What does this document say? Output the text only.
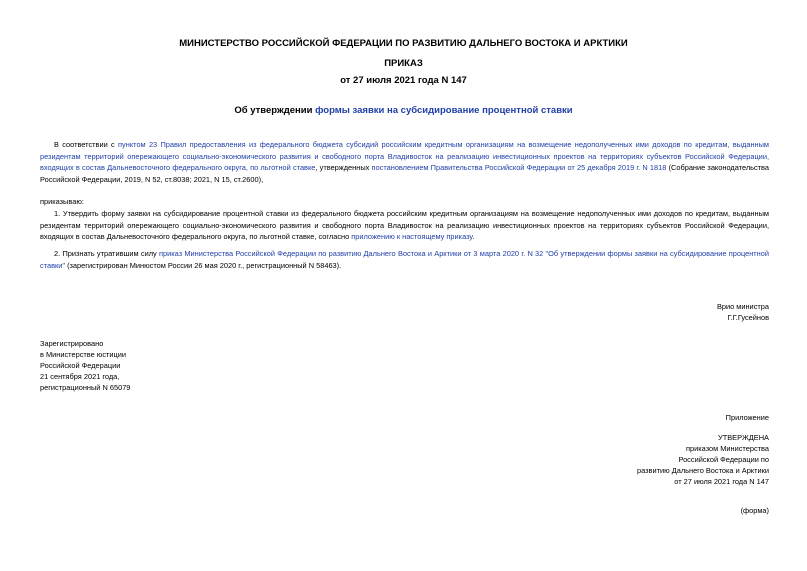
МИНИСТЕРСТВО РОССИЙСКОЙ ФЕДЕРАЦИИ ПО РАЗВИТИЮ ДАЛЬНЕГО ВОСТОКА И АРКТИКИ
ПРИКАЗ
от 27 июля 2021 года N 147
Об утверждении формы заявки на субсидирование процентной ставки
В соответствии с пунктом 23 Правил предоставления из федерального бюджета субсидий российским кредитным организациям на возмещение недополученных ими доходов по кредитам, выданным резидентам территорий опережающего социально-экономического развития и свободного порта Владивосток на реализацию инвестиционных проектов на территориях субъектов Российской Федерации, входящих в состав Дальневосточного федерального округа, по льготной ставке, утвержденных постановлением Правительства Российской Федерации от 25 декабря 2019 г. N 1818 (Собрание законодательства Российской Федерации, 2019, N 52, ст.8038; 2021, N 15, ст.2600),
приказываю:
1. Утвердить форму заявки на субсидирование процентной ставки из федерального бюджета российским кредитным организациям на возмещение недополученных ими доходов по кредитам, выданным резидентам территорий опережающего социально-экономического развития и свободного порта Владивосток на реализацию инвестиционных проектов на территориях субъектов Российской Федерации, входящих в состав Дальневосточного федерального округа, по льготной ставке, согласно приложению к настоящему приказу.
2. Признать утратившим силу приказ Министерства Российской Федерации по развитию Дальнего Востока и Арктики от 3 марта 2020 г. N 32 "Об утверждении формы заявки на субсидирование процентной ставки" (зарегистрирован Минюстом России 26 мая 2020 г., регистрационный N 58463).
Врио министра
Г.Г.Гусейнов
Зарегистрировано
в Министерстве юстиции
Российской Федерации
21 сентября 2021 года,
регистрационный N 65079
Приложение
УТВЕРЖДЕНА
приказом Министерства
Российской Федерации по
развитию Дальнего Востока и Арктики
от 27 июля 2021 года N 147
(форма)
